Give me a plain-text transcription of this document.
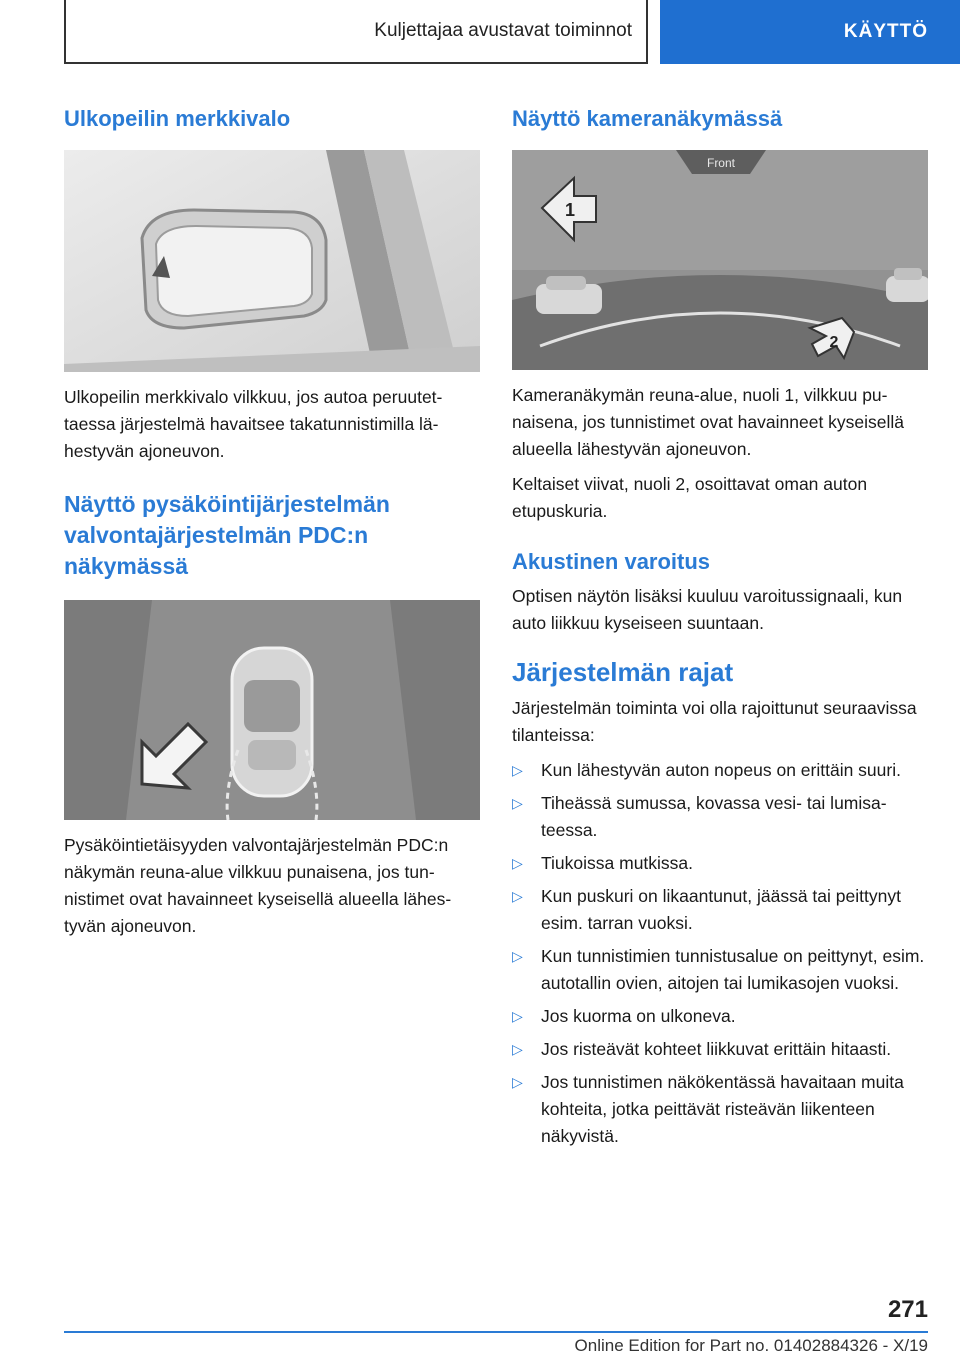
Kuljettajaa avustavat toiminnot	KÄYTTÖ
Ulkopeilin merkkivalo

Ulkopeilin merkkivalo vilkkuu, jos autoa peruutettaessa järjestelmä havaitsee takatunnistimilla lähestyvän ajoneuvon.

Näyttö pysäköintijärjestelmän valvontajärjestelmän PDC:n näkymässä

Pysäköintietäisyyden valvontajärjestelmän PDC:n näkymän reuna-alue vilkkuu punaisena, jos tunnistimet ovat havainneet kyseisellä alueella lähestyvän ajoneuvon.

Näyttö kameranäkymässä
Front
1
2

Kameranäkymän reuna-alue, nuoli 1, vilkkuu punaisena, jos tunnistimet ovat havainneet kyseisellä alueella lähestyvän ajoneuvon.

Keltaiset viivat, nuoli 2, osoittavat oman auton etupuskuria.

Akustinen varoitus

Optisen näytön lisäksi kuuluu varoitussignaali, kun auto liikkuu kyseiseen suuntaan.

Järjestelmän rajat

Järjestelmän toiminta voi olla rajoittunut seuraavissa tilanteissa:

▷ Kun lähestyvän auton nopeus on erittäin suuri.
▷ Tiheässä sumussa, kovassa vesi- tai lumisateessa.
▷ Tiukoissa mutkissa.
▷ Kun puskuri on likaantunut, jäässä tai peittynyt esim. tarran vuoksi.
▷ Kun tunnistimien tunnistusalue on peittynyt, esim. autotallin ovien, aitojen tai lumikasojen vuoksi.
▷ Jos kuorma on ulkoneva.
▷ Jos risteävät kohteet liikkuvat erittäin hitaasti.
▷ Jos tunnistimen näkökentässä havaitaan muita kohteita, jotka peittävät risteävän liikenteen näkyvistä.
271
Online Edition for Part no. 01402884326 - X/19
